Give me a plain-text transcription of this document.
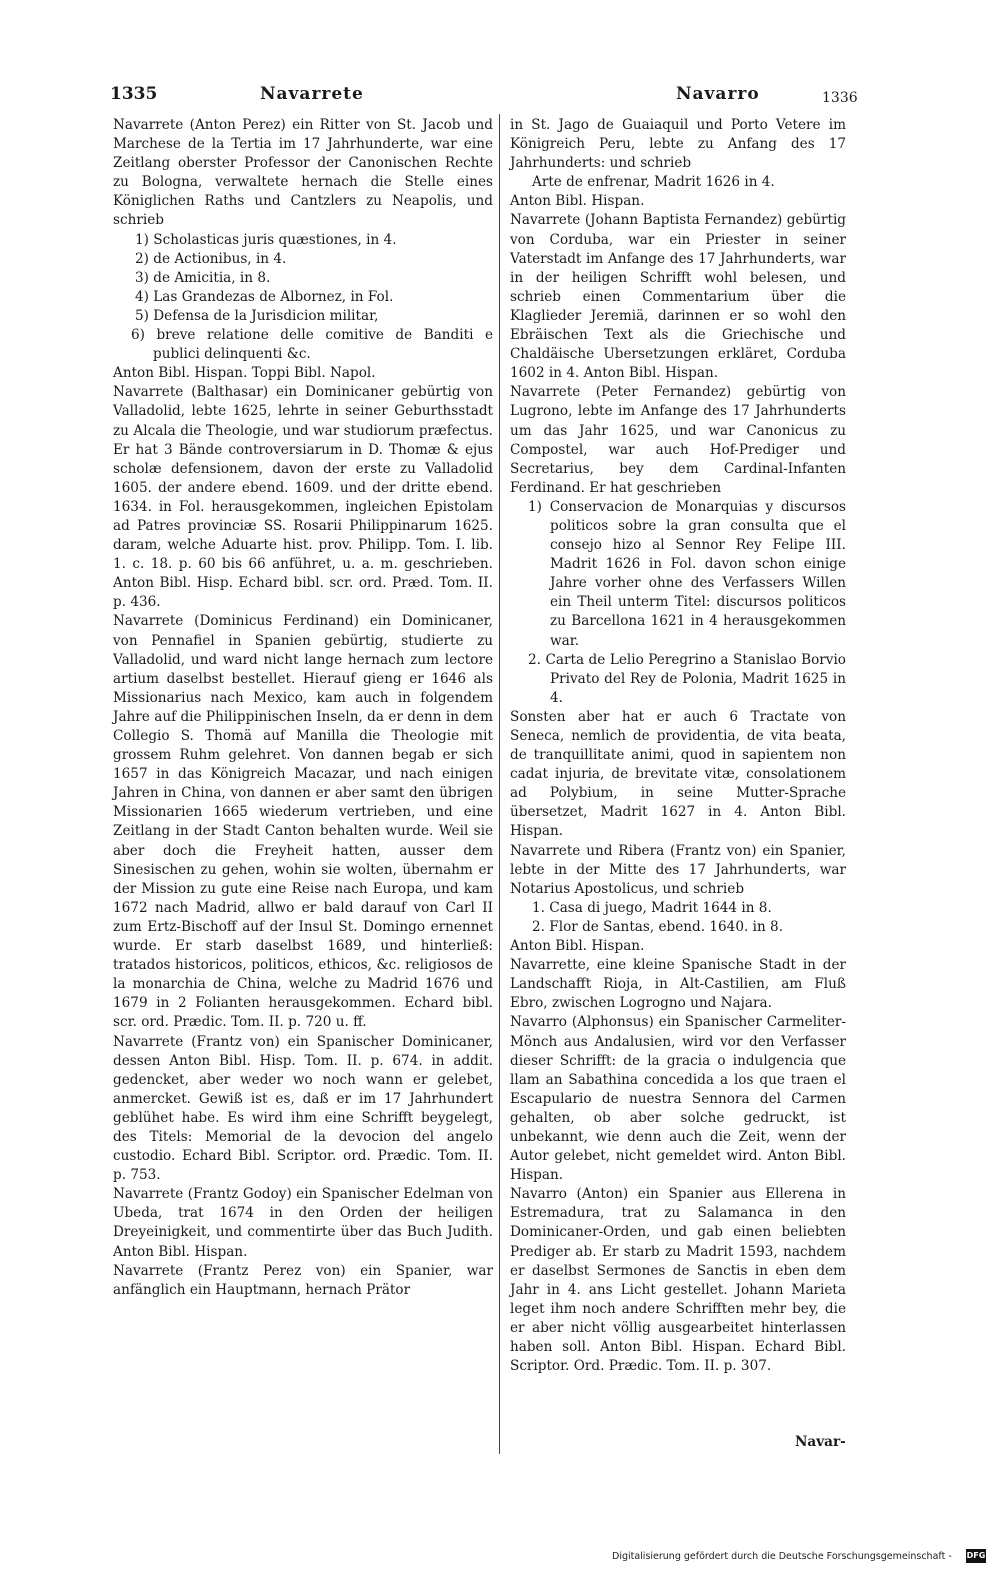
1335	Navarrete	Navarro	1336

Navarrete (Anton Perez) ein Ritter von St. Jacob und Marchese de la Tertia im 17 Jahrhunderte, war eine Zeitlang oberster Professor der Canonischen Rechte zu Bologna, verwaltete hernach die Stelle eines Königlichen Raths und Cantzlers zu Neapolis, und schrieb

1) Scholasticas juris quæstiones, in 4.

2) de Actionibus, in 4.

3) de Amicitia, in 8.

4) Las Grandezas de Albornez, in Fol.

5) Defensa de la Jurisdicion militar,

6) breve relatione delle comitive de Banditi e publici delinquenti &c.

Anton Bibl. Hispan. Toppi Bibl. Napol.

Navarrete (Balthasar) ein Dominicaner gebürtig von Valladolid, lebte 1625, lehrte in seiner Geburthsstadt zu Alcala die Theologie, und war studiorum præfectus. Er hat 3 Bände controversiarum in D. Thomæ & ejus scholæ defensionem, davon der erste zu Valladolid 1605. der andere ebend. 1609. und der dritte ebend. 1634. in Fol. herausgekommen, ingleichen Epistolam ad Patres provinciæ SS. Rosarii Philippinarum 1625. daram, welche Aduarte hist. prov. Philipp. Tom. I. lib. 1. c. 18. p. 60 bis 66 anführet, u. a. m. geschrieben. Anton Bibl. Hisp. Echard bibl. scr. ord. Præd. Tom. II. p. 436.

Navarrete (Dominicus Ferdinand) ein Dominicaner, von Pennafiel in Spanien gebürtig, studierte zu Valladolid, und ward nicht lange hernach zum lectore artium daselbst bestellet. Hierauf gieng er 1646 als Missionarius nach Mexico, kam auch in folgendem Jahre auf die Philippinischen Inseln, da er denn in dem Collegio S. Thomä auf Manilla die Theologie mit grossem Ruhm gelehret. Von dannen begab er sich 1657 in das Königreich Macazar, und nach einigen Jahren in China, von dannen er aber samt den übrigen Missionarien 1665 wiederum vertrieben, und eine Zeitlang in der Stadt Canton behalten wurde. Weil sie aber doch die Freyheit hatten, ausser dem Sinesischen zu gehen, wohin sie wolten, übernahm er der Mission zu gute eine Reise nach Europa, und kam 1672 nach Madrid, allwo er bald darauf von Carl II zum Ertz-Bischoff auf der Insul St. Domingo ernennet wurde. Er starb daselbst 1689, und hinterließ: tratados historicos, politicos, ethicos, &c. religiosos de la monarchia de China, welche zu Madrid 1676 und 1679 in 2 Folianten herausgekommen. Echard bibl. scr. ord. Prædic. Tom. II. p. 720 u. ff.

Navarrete (Frantz von) ein Spanischer Dominicaner, dessen Anton Bibl. Hisp. Tom. II. p. 674. in addit. gedencket, aber weder wo noch wann er gelebet, anmercket. Gewiß ist es, daß er im 17 Jahrhundert geblühet habe. Es wird ihm eine Schrifft beygelegt, des Titels: Memorial de la devocion del angelo custodio. Echard Bibl. Scriptor. ord. Prædic. Tom. II. p. 753.

Navarrete (Frantz Godoy) ein Spanischer Edelman von Ubeda, trat 1674 in den Orden der heiligen Dreyeinigkeit, und commentirte über das Buch Judith. Anton Bibl. Hispan.

Navarrete (Frantz Perez von) ein Spanier, war anfänglich ein Hauptmann, hernach Prätor

in St. Jago de Guaiaquil und Porto Vetere im Königreich Peru, lebte zu Anfang des 17 Jahrhunderts: und schrieb

Arte de enfrenar, Madrit 1626 in 4.

Anton Bibl. Hispan.

Navarrete (Johann Baptista Fernandez) gebürtig von Corduba, war ein Priester in seiner Vaterstadt im Anfange des 17 Jahrhunderts, war in der heiligen Schrifft wohl belesen, und schrieb einen Commentarium über die Klaglieder Jeremiä, darinnen er so wohl den Ebräischen Text als die Griechische und Chaldäische Ubersetzungen erkläret, Corduba 1602 in 4. Anton Bibl. Hispan.

Navarrete (Peter Fernandez) gebürtig von Lugrono, lebte im Anfange des 17 Jahrhunderts um das Jahr 1625, und war Canonicus zu Compostel, war auch Hof-Prediger und Secretarius, bey dem Cardinal-Infanten Ferdinand. Er hat geschrieben

1) Conservacion de Monarquias y discursos politicos sobre la gran consulta que el consejo hizo al Sennor Rey Felipe III. Madrit 1626 in Fol. davon schon einige Jahre vorher ohne des Verfassers Willen ein Theil unterm Titel: discursos politicos zu Barcellona 1621 in 4 herausgekommen war.

2. Carta de Lelio Peregrino a Stanislao Borvio Privato del Rey de Polonia, Madrit 1625 in 4.

Sonsten aber hat er auch 6 Tractate von Seneca, nemlich de providentia, de vita beata, de tranquillitate animi, quod in sapientem non cadat injuria, de brevitate vitæ, consolationem ad Polybium, in seine Mutter-Sprache übersetzet, Madrit 1627 in 4. Anton Bibl. Hispan.

Navarrete und Ribera (Frantz von) ein Spanier, lebte in der Mitte des 17 Jahrhunderts, war Notarius Apostolicus, und schrieb

1. Casa di juego, Madrit 1644 in 8.

2. Flor de Santas, ebend. 1640. in 8.

Anton Bibl. Hispan.

Navarrette, eine kleine Spanische Stadt in der Landschafft Rioja, in Alt-Castilien, am Fluß Ebro, zwischen Logrogno und Najara.

Navarro (Alphonsus) ein Spanischer Carmeliter-Mönch aus Andalusien, wird vor den Verfasser dieser Schrifft: de la gracia o indulgencia que llam an Sabathina concedida a los que traen el Escapulario de nuestra Sennora del Carmen gehalten, ob aber solche gedruckt, ist unbekannt, wie denn auch die Zeit, wenn der Autor gelebet, nicht gemeldet wird. Anton Bibl. Hispan.

Navarro (Anton) ein Spanier aus Ellerena in Estremadura, trat zu Salamanca in den Dominicaner-Orden, und gab einen beliebten Prediger ab. Er starb zu Madrit 1593, nachdem er daselbst Sermones de Sanctis in eben dem Jahr in 4. ans Licht gestellet. Johann Marieta leget ihm noch andere Schrifften mehr bey, die er aber nicht völlig ausgearbeitet hinterlassen haben soll. Anton Bibl. Hispan. Echard Bibl. Scriptor. Ord. Prædic. Tom. II. p. 307.

Navar-
Digitalisierung gefördert durch die Deutsche Forschungsgemeinschaft - DFG
